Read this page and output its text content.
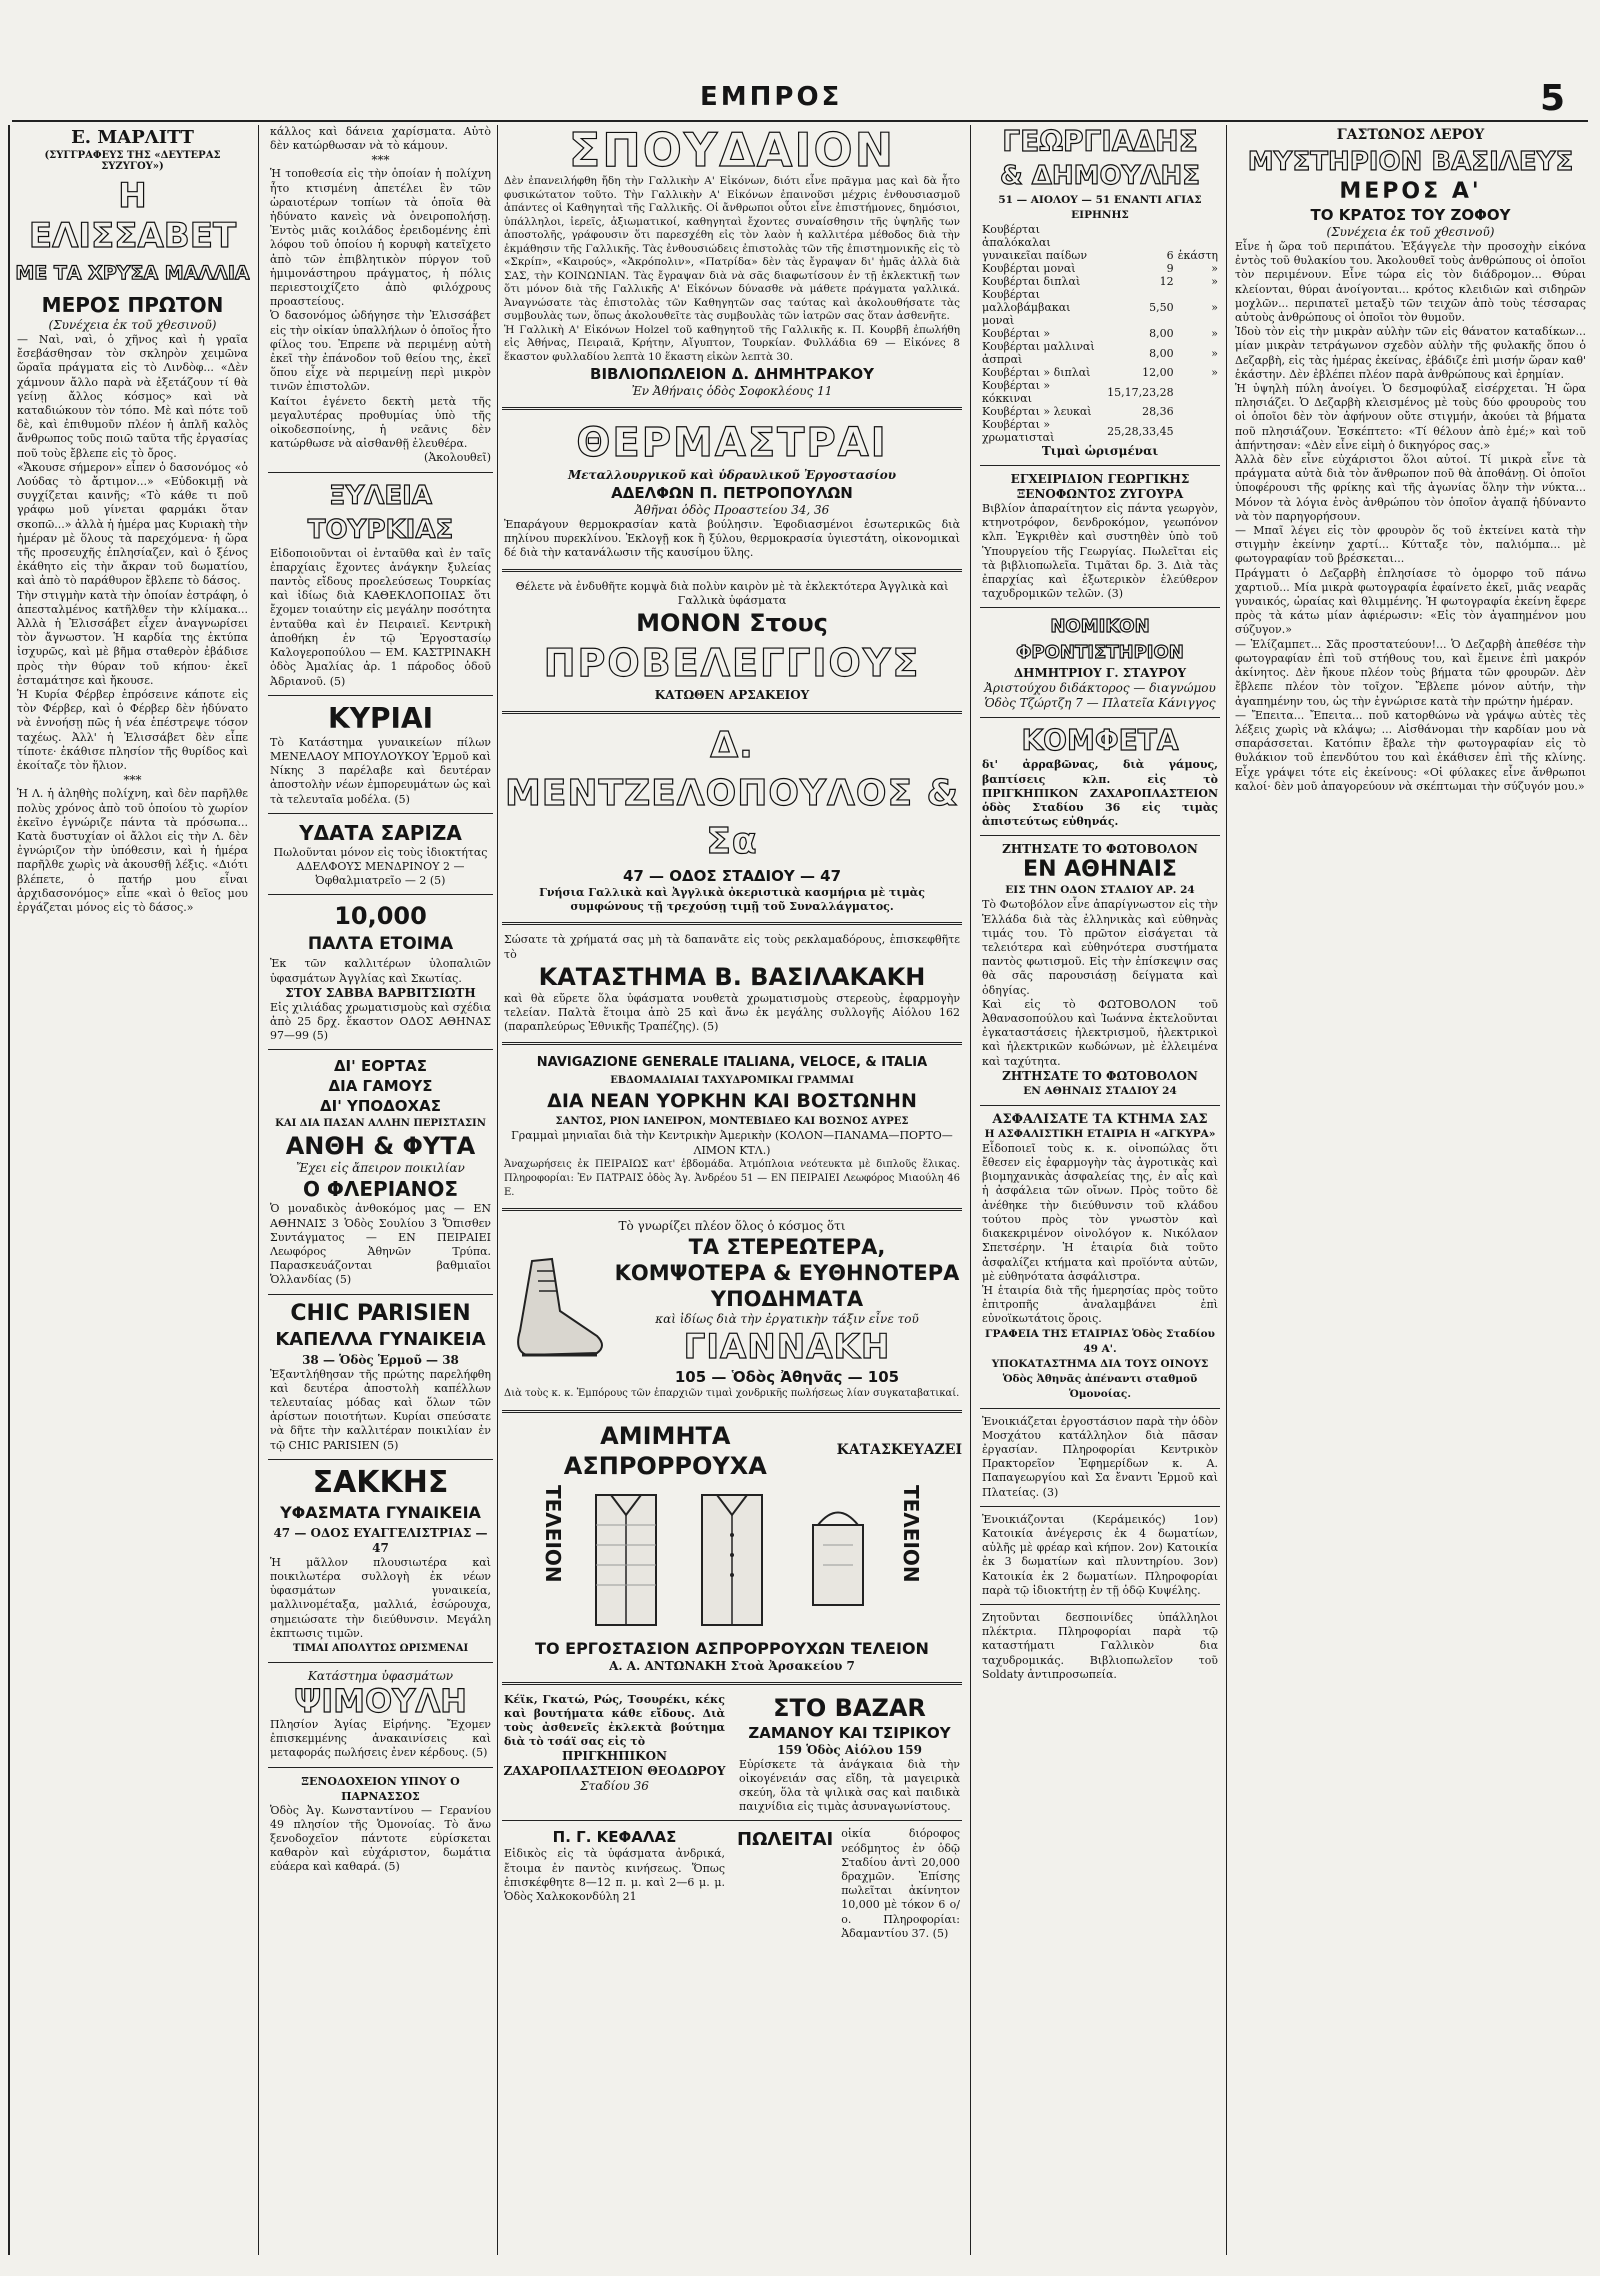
ΕΜΠΡΟΣ	5
Ε. ΜΑΡΛΙΤΤ
(ΣΥΓΓΡΑΦΕΥΣ ΤΗΣ «ΔΕΥΤΕΡΑΣ ΣΥΖΥΓΟΥ»)
Η ΕΛΙΣΣΑΒΕΤ
ΜΕ ΤΑ ΧΡΥΣΑ ΜΑΛΛΙΑ
ΜΕΡΟΣ ΠΡΩΤΟΝ
(Συνέχεια ἐκ τοῦ χθεσινοῦ)
— Ναὶ, ναὶ, ὁ χῆνος καὶ ἡ γραῖα ἔσεβάσθησαν τὸν σκληρὸν χειμῶνα ὥραῖα πράγματα εἰς τὸ Λινδὸφ... «Δὲν χάμνουν ἄλλο παρὰ νὰ ἐξετάζουν τί θὰ γείνῃ ἄλλος κόσμος» καὶ νὰ καταδιώκουν τὸν τόπο. Μὲ καὶ πότε τοῦ δὲ, καὶ ἐπιθυμοῦν πλέον ἡ ἁπλῆ καλὸς ἄνθρωπος τοῦς ποιῶ ταῦτα τῆς ἐργασίας ποῦ τοὺς ἔβλεπε εἰς τὸ ὄρος.
«Ἄκουσε σήμερον» εἶπεν ὁ δασονόμος «ὁ Λούδας τὸ ἄρτιμον...» «Εὐδοκιμῇ νὰ συγχίζεται καινῆς; «Τὸ κάθε τι ποῦ γράφω μοῦ γίνεται φαρμάκι ὅταν σκοπῶ...» ἀλλὰ ἡ ἡμέρα μας Κυριακὴ τὴν ἡμέραν μὲ ὅλους τὰ παρεχόμενα· ἡ ὥρα τῆς προσευχῆς ἐπλησίαζεν, καὶ ὁ ξένος ἐκάθητο εἰς τὴν ἄκραν τοῦ δωματίου, καὶ ἀπὸ τὸ παράθυρον ἔβλεπε τὸ δάσος.
Τὴν στιγμὴν κατὰ τὴν ὁποίαν ἐστράφη, ὁ ἀπεσταλμένος κατῆλθεν τὴν κλίμακα... Ἀλλὰ ἡ Ἐλισσάβετ εἶχεν ἀναγνωρίσει τὸν ἄγνωστον. Ἡ καρδία της ἐκτύπα ἰσχυρῶς, καὶ μὲ βῆμα σταθερὸν ἐβάδισε πρὸς τὴν θύραν τοῦ κήπου· ἐκεῖ ἐσταμάτησε καὶ ἤκουσε.
Ἡ Κυρία Φέρβερ ἐπρόσεινε κάποτε εἰς τὸν Φέρβερ, καὶ ὁ Φέρβερ δὲν ἠδύνατο νὰ ἐννοήσῃ πῶς ἡ νέα ἐπέστρεψε τόσον ταχέως. Ἀλλ' ἡ Ἐλισσάβετ δὲν εἶπε τίποτε· ἐκάθισε πλησίον τῆς θυρίδος καὶ ἐκοίταζε τὸν ἥλιον.
***
Ἡ Λ. ἡ ἀληθὴς πολίχνη, καὶ δὲν παρῆλθε πολὺς χρόνος ἀπὸ τοῦ ὁποίου τὸ χωρίον ἐκεῖνο ἐγνώριζε πάντα τὰ πρόσωπα... Κατὰ δυστυχίαν οἱ ἄλλοι εἰς τὴν Λ. δὲν ἐγνώριζον τὴν ὑπόθεσιν, καὶ ἡ ἡμέρα παρῆλθε χωρὶς νὰ ἀκουσθῇ λέξις. «Διότι βλέπετε, ὁ πατήρ μου εἶναι ἀρχιδασονόμος» εἶπε «καὶ ὁ θεῖος μου ἐργάζεται μόνος εἰς τὸ δάσος.»
κάλλος καὶ δάνεια χαρίσματα. Αὐτὸ δὲν κατώρθωσαν νὰ τὸ κάμουν.
***
Ἡ τοποθεσία εἰς τὴν ὁποίαν ἡ πολίχνη ἦτο κτισμένη ἀπετέλει ἓν τῶν ὡραιοτέρων τοπίων τὰ ὁποῖα θὰ ἠδύνατο κανεὶς νὰ ὀνειροπολήσῃ. Ἐντὸς μιᾶς κοιλάδος ἐρειδομένης ἐπὶ λόφου τοῦ ὁποίου ἡ κορυφὴ κατεῖχετο ἀπὸ τῶν ἐπιβλητικὸν πύργον τοῦ ἡμιμονάστηρου πράγματος, ἡ πόλις περιεστοιχίζετο ἀπὸ φιλόχρους προαστείους.
Ὁ δασονόμος ὡδήγησε τὴν Ἐλισσάβετ εἰς τὴν οἰκίαν ὑπαλλήλων ὁ ὁποῖος ἦτο φίλος του. Ἐπρεπε νὰ περιμένῃ αὐτὴ ἐκεῖ τὴν ἐπάνοδον τοῦ θείου της, ἐκεῖ ὅπου εἶχε νὰ περιμείνῃ περὶ μικρὸν τινῶν ἐπιστολῶν.
Καίτοι ἐγένετο δεκτὴ μετὰ τῆς μεγαλυτέρας προθυμίας ὑπὸ τῆς οἰκοδεσποίνης, ἡ νεᾶνις δὲν κατώρθωσε νὰ αἰσθανθῇ ἐλευθέρα.
(Ἀκολουθεῖ)
ΞΥΛΕΙΑ ΤΟΥΡΚΙΑΣ
Εἰδοποιοῦνται οἱ ἐνταῦθα καὶ ἐν ταῖς ἐπαρχίαις ἔχοντες ἀνάγκην ξυλείας παντὸς εἴδους προελεύσεως Τουρκίας καὶ ἰδίως διὰ ΚΑΘΕΚΛΟΠΟΙΙΑΣ ὅτι ἔχομεν τοιαύτην εἰς μεγάλην ποσότητα ἐνταῦθα καὶ ἐν Πειραιεῖ. Κεντρικὴ ἀποθήκη ἐν τῷ Ἐργοστασίῳ Καλογεροπούλου — ΕΜ. ΚΑΣΤΡΙΝΑΚΗ ὁδὸς Ἀμαλίας ἀρ. 1 πάροδος ὁδοῦ Ἀδριανοῦ. (5)
ΚΥΡΙΑΙ
Τὸ Κατάστημα γυναικείων πίλων ΜΕΝΕΛΑΟΥ ΜΠΟΥΛΟΥΚΟΥ Ἑρμοῦ καὶ Νίκης 3 παρέλαβε καὶ δευτέραν ἀποστολὴν νέων ἐμπορευμάτων ὡς καὶ τὰ τελευταῖα μοδέλα. (5)
ΥΔΑΤΑ ΣΑΡΙΖΑ
Πωλοῦνται μόνον εἰς τοὺς ἰδιοκτήτας ΑΔΕΛΦΟΥΣ ΜΕΝΔΡΙΝΟΥ 2 — Ὀφθαλμιατρεῖο — 2 (5)
10,000
ΠΑΛΤΑ ΕΤΟΙΜΑ
Ἐκ τῶν καλλιτέρων ὑλοπαλιῶν ὑφασμάτων Ἀγγλίας καὶ Σκωτίας.
ΣΤΟΥ ΣΑΒΒΑ ΒΑΡΒΙΤΣΙΩΤΗ
Εἰς χιλιάδας χρωματισμοὺς καὶ σχέδια ἀπὸ 25 δρχ. ἕκαστον ΟΔΟΣ ΑΘΗΝΑΣ 97—99 (5)
ΔΙ' ΕΟΡΤΑΣ
ΔΙΑ ΓΑΜΟΥΣ
ΔΙ' ΥΠΟΔΟΧΑΣ
ΚΑΙ ΔΙΑ ΠΑΣΑΝ ΑΛΛΗΝ ΠΕΡΙΣΤΑΣΙΝ
ΑΝΘΗ & ΦΥΤΑ
Ἔχει εἰς ἄπειρον ποικιλίαν
Ο ΦΛΕΡΙΑΝΟΣ
Ὁ μοναδικὸς ἀνθοκόμος μας — ΕΝ ΑΘΗΝΑΙΣ 3 Ὁδὸς Σουλίου 3 Ὄπισθεν Συντάγματος — ΕΝ ΠΕΙΡΑΙΕΙ Λεωφόρος Ἀθηνῶν Τρύπα. Παρασκευάζονται βαθμιαῖοι Ὁλλανδίας (5)
CHIC PARISIEN
ΚΑΠΕΛΛΑ ΓΥΝΑΙΚΕΙΑ
38 — Ὁδὸς Ἑρμοῦ — 38
Ἐξαντλήθησαν τῆς πρώτης παρελήφθη καὶ δευτέρα ἀποστολὴ καπέλλων τελευταίας μόδας καὶ ὅλων τῶν ἀρίστων ποιοτήτων. Κυρίαι σπεύσατε νὰ δῆτε τὴν καλλιτέραν ποικιλίαν ἐν τῷ CHIC PARISIEN (5)
ΣΑΚΚΗΣ
ΥΦΑΣΜΑΤΑ ΓΥΝΑΙΚΕΙΑ
47 — ΟΔΟΣ ΕΥΑΓΓΕΛΙΣΤΡΙΑΣ — 47
Ἡ μᾶλλον πλουσιωτέρα καὶ ποικιλωτέρα συλλογὴ ἐκ νέων ὑφασμάτων γυναικεία, μαλλινομέταξα, μαλλιά, ἐσώρουχα, σημειώσατε τὴν διεύθυνσιν. Μεγάλη ἐκπτωσις τιμῶν.
ΤΙΜΑΙ ΑΠΟΛΥΤΩΣ ΩΡΙΣΜΕΝΑΙ
Κατάστημα ὑφασμάτων
ΨΙΜΟΥΛΗ
Πλησίον Ἁγίας Εἰρήνης. Ἔχομεν ἐπισκεμμένης ἀνακαινίσεις καὶ μεταφοράς πωλήσεις ἐνεν κέρδους. (5)
ΞΕΝΟΔΟΧΕΙΟΝ ΥΠΝΟΥ Ο ΠΑΡΝΑΣΣΟΣ
Ὁδὸς Ἀγ. Κωνσταντίνου — Γερανίου 49 πλησίον τῆς Ὁμονοίας. Τὸ ἄνω ξενοδοχεῖον πάντοτε εὑρίσκεται καθαρὸν καὶ εὐχάριστον, δωμάτια εὐάερα καὶ καθαρά. (5)
ΣΠΟΥΔΑΙΟΝ
Δὲν ἐπανειλήφθη ἤδη τὴν Γαλλικὴν Α' Εἰκόνων, διότι εἶνε πρᾶγμα μας καὶ δὰ ἦτο φυσικώτατον τοῦτο. Τὴν Γαλλικὴν Α' Εἰκόνων ἐπαινοῦσι μέχρις ἐνθουσιασμοῦ ἁπάντες οἱ Καθηγηταὶ τῆς Γαλλικῆς. Οἱ ἄνθρωποι οὗτοι εἶνε ἐπιστήμονες, δημόσιοι, ὑπάλληλοι, ἰερεῖς, ἀξιωματικοί, καθηγηταὶ ἔχοντες συναίσθησιν τῆς ὑψηλῆς των ἀποστολῆς, γράφουσιν ὅτι παρεσχέθη εἰς τὸν λαὸν ἡ καλλιτέρα μέθοδος διὰ τὴν ἐκμάθησιν τῆς Γαλλικῆς. Τὰς ἐνθουσιώδεις ἐπιστολὰς τῶν τῆς ἐπιστημονικῆς εἰς τὸ «Σκρίπ», «Καιρούς», «Ἀκρόπολιν», «Πατρίδα» δὲν τὰς ἔγραψαν δι' ἡμᾶς ἀλλὰ διὰ ΣΑΣ, τὴν ΚΟΙΝΩΝΙΑΝ. Τὰς ἔγραψαν διὰ νὰ σᾶς διαφωτίσουν ἐν τῇ ἐκλεκτικῇ των ὅτι μόνον διὰ τῆς Γαλλικῆς Α' Εἰκόνων δύνασθε νὰ μάθετε πράγματα γαλλικά. Ἀναγνώσατε τὰς ἐπιστολὰς τῶν Καθηγητῶν σας ταύτας καὶ ἀκολουθήσατε τὰς συμβουλὰς των, ὅπως ἀκολουθεῖτε τὰς συμβουλὰς τῶν ἰατρῶν σας ὅταν ἀσθενῆτε.
Ἡ Γαλλικὴ Α' Εἰκόνων Holzel τοῦ καθηγητοῦ τῆς Γαλλικῆς κ. Π. Κουρβῆ ἐπωλήθη εἰς Ἀθήνας, Πειραιᾶ, Κρήτην, Αἴγυπτον, Τουρκίαν. Φυλλάδια 69 — Εἰκόνες 8 ἕκαστον φυλλαδίου λεπτὰ 10 ἕκαστη εἰκὼν λεπτὰ 30.
ΒΙΒΛΙΟΠΩΛΕΙΟΝ Δ. ΔΗΜΗΤΡΑΚΟΥ
Ἐν Ἀθήναις ὁδὸς Σοφοκλέους 11
ΘΕΡΜΑΣΤΡΑΙ
Μεταλλουργικοῦ καὶ ὑδραυλικοῦ Ἐργοστασίου
ΑΔΕΛΦΩΝ Π. ΠΕΤΡΟΠΟΥΛΩΝ
Ἀθῆναι ὁδὸς Προαστείου 34, 36
Ἐπαράγουν θερμοκρασίαν κατὰ βούλησιν. Ἐφοδιασμένοι ἐσωτερικῶς διὰ πηλίνου πυρεκλίνου. Ἐκλογῇ κοκ ἢ ξύλου, θερμοκρασία ὑγιεστάτη, οἰκονομικαὶ δέ διὰ τὴν κατανάλωσιν τῆς καυσίμου ὕλης.
Θέλετε νὰ ἐνδυθῆτε κομψὰ διὰ πολὺν καιρὸν μὲ τὰ ἐκλεκτότερα Ἀγγλικὰ καὶ Γαλλικὰ ὑφάσματα
ΜΟΝΟΝ Στους
ΠΡΟΒΕΛΕΓΓΙΟΥΣ
ΚΑΤΩΘΕΝ ΑΡΣΑΚΕΙΟΥ
Δ. ΜΕΝΤΖΕΛΟΠΟΥΛΟΣ & Σα
47 — ΟΔΟΣ ΣΤΑΔΙΟΥ — 47
Γνήσια Γαλλικὰ καὶ Ἀγγλικὰ ὀκεριστικὰ κασμήρια μὲ τιμὰς συμφώνους τῇ τρεχούσῃ τιμῇ τοῦ Συναλλάγματος.
Σώσατε τὰ χρήματά σας μὴ τὰ δαπανᾶτε εἰς τοὺς ρεκλαμαδόρους, ἐπισκεφθῆτε τὸ
ΚΑΤΑΣΤΗΜΑ Β. ΒΑΣΙΛΑΚΑΚΗ
καὶ θὰ εὕρετε ὅλα ὑφάσματα νουθετὰ χρωματισμοὺς στερεοὺς, ἐφαρμογὴν τελείαν. Παλτὰ ἕτοιμα ἀπὸ 25 καὶ ἄνω ἐκ μεγάλης συλλογῆς Αἰόλου 162 (παραπλεύρως Ἐθνικῆς Τραπέζης). (5)
NAVIGAZIONE GENERALE ITALIANA, VELOCE, & ITALIA
ΕΒΔΟΜΑΔΙΑΙΑΙ ΤΑΧΥΔΡΟΜΙΚΑΙ ΓΡΑΜΜΑΙ
ΔΙΑ ΝΕΑΝ ΥΟΡΚΗΝ ΚΑΙ ΒΟΣΤΩΝΗΝ
ΣΑΝΤΟΣ, ΡΙΟΝ ΙΑΝΕΙΡΟΝ, ΜΟΝΤΕΒΙΔΕΟ ΚΑΙ ΒΟΣΝΟΣ ΑΥΡΕΣ
Γραμμαὶ μηνιαῖαι διὰ τὴν Κεντρικὴν Ἀμερικὴν (ΚΟΛΟΝ—ΠΑΝΑΜΑ—ΠΟΡΤΟ—ΛΙΜΟΝ ΚΤΛ.)
Ἀναχωρήσεις ἐκ ΠΕΙΡΑΙΩΣ κατ' ἑβδομάδα. Ἀτμόπλοια νεότευκτα μὲ διπλοῦς ἕλικας. Πληροφορίαι: Ἐν ΠΑΤΡΑΙΣ ὁδὸς Ἁγ. Ἀνδρέου 51 — ΕΝ ΠΕΙΡΑΙΕΙ Λεωφόρος Μιαούλη 46 Ε.
Τὸ γνωρίζει πλέον ὅλος ὁ κόσμος ὅτι
ΤΑ ΣΤΕΡΕΩΤΕΡΑ, ΚΟΜΨΟΤΕΡΑ & ΕΥΘΗΝΟΤΕΡΑ ΥΠΟΔΗΜΑΤΑ
καὶ ἰδίως διὰ τὴν ἐργατικὴν τάξιν εἶνε τοῦ
ΓΙΑΝΝΑΚΗ
105 — Ὁδὸς Ἀθηνᾶς — 105
Διὰ τοὺς κ. κ. Ἐμπόρους τῶν ἐπαρχιῶν τιμαὶ χονδρικῆς πωλήσεως λίαν συγκαταβατικαί.
ΑΜΙΜΗΤΑ ΑΣΠΡΟΡΡΟΥΧΑ
ΚΑΤΑΣΚΕΥΑΖΕΙ
ΤΕΛΕΙΟΝ	ΤΕΛΕΙΟΝ
ΤΟ ΕΡΓΟΣΤΑΣΙΟΝ ΑΣΠΡΟΡΡΟΥΧΩΝ ΤΕΛΕΙΟΝ
Α. Α. ΑΝΤΩΝΑΚΗ Στοὰ Ἀρσακείου 7
Κέϊκ, Γκατώ, Ρώς, Τσουρέκι, κέκς καὶ βουτήματα κάθε εἴδους. Διὰ τοὺς ἀσθενεῖς ἐκλεκτὰ βούτημα διὰ τὸ τσάϊ σας εἰς τὸ
ΠΡΙΓΚΗΠΙΚΟΝ ΖΑΧΑΡΟΠΛΑΣΤΕΙΟΝ ΘΕΟΔΩΡΟΥ
Σταδίου 36
ΣΤΟ BAZAR
ΖΑΜΑΝΟΥ ΚΑΙ ΤΣΙΡΙΚΟΥ
159 Ὁδὸς Αἰόλου 159
Εὑρίσκετε τὰ ἀνάγκαια διὰ τὴν οἰκογένειάν σας εἴδη, τὰ μαγειρικὰ σκεύη, ὅλα τὰ ψιλικὰ σας καὶ παιδικὰ παιχνίδια εἰς τιμὰς ἀσυναγωνίστους.
Π. Γ. ΚΕΦΑΛΑΣ
Εἰδικὸς εἰς τὰ ὑφάσματα ἀνδρικά, ἔτοιμα ἐν παντὸς κινήσεως. Ὅπως ἐπισκέφθητε 8—12 π. μ. καὶ 2—6 μ. μ. Ὁδὸς Χαλκοκονδύλη 21
ΠΩΛΕΙΤΑΙ οἰκία διόροφος νεόδμητος ἐν ὁδῷ Σταδίου ἀντὶ 20,000 δραχμῶν. Ἐπίσης πωλεῖται ἀκίνητον 10,000 μὲ τόκον 6 ο/ο. Πληροφορίαι: Ἀδαμαντίου 37. (5)
ΓΕΩΡΓΙΑΔΗΣ
& ΔΗΜΟΥΛΗΣ
51 — ΑΙΟΛΟΥ — 51 ΕΝΑΝΤΙ ΑΓΙΑΣ ΕΙΡΗΝΗΣ
Κουβέρται ἁπαλόκαλαι		
γυναικεῖαι παίδων	6	ἑκάστη
Κουβέρται μοναὶ	9	»
Κουβέρται διπλαὶ	12	»
Κουβέρται μαλλοβάμβακαι μοναὶ	5,50	»
Κουβέρται »	8,00	»
Κουβέρται μαλλιναὶ ἀσπραὶ	8,00	»
Κουβέρται » διπλαὶ	12,00	»
Κουβέρται » κόκκιναι	15,17,23,28	
Κουβέρται » λευκαὶ	28,36	
Κουβέρται » χρωματισταὶ	25,28,33,45	
Τιμαὶ ὡρισμέναι
ΕΓΧΕΙΡΙΔΙΟΝ ΓΕΩΡΓΙΚΗΣ
ΞΕΝΟΦΩΝΤΟΣ ΖΥΓΟΥΡΑ
Βιβλίον ἀπαραίτητον εἰς πάντα γεωργὸν, κτηνοτρόφον, δενδροκόμον, γεωπόνον κλπ. Ἐγκριθὲν καὶ συστηθὲν ὑπὸ τοῦ Ὑπουργείου τῆς Γεωργίας. Πωλεῖται εἰς τὰ βιβλιοπωλεῖα. Τιμᾶται δρ. 3. Διὰ τὰς ἐπαρχίας καὶ ἐξωτερικὸν ἐλεύθερον ταχυδρομικῶν τελῶν. (3)
ΝΟΜΙΚΟΝ ΦΡΟΝΤΙΣΤΗΡΙΟΝ
ΔΗΜΗΤΡΙΟΥ Γ. ΣΤΑΥΡΟΥ
Ἀριστούχου διδάκτορος — διαγνώμου
Ὁδὸς Τζώρτζη 7 — Πλατεῖα Κάνιγγος
ΚΟΜΦΕΤΑ
δι' ἀρραβῶνας, διὰ γάμους, βαπτίσεις κλπ. εἰς τὸ ΠΡΙΓΚΗΠΙΚΟΝ ΖΑΧΑΡΟΠΛΑΣΤΕΙΟΝ ὁδὸς Σταδίου 36 εἰς τιμὰς ἀπιστεύτως εὐθηνάς.
ΖΗΤΗΣΑΤΕ ΤΟ ΦΩΤΟΒΟΛΟΝ
ΕΝ ΑΘΗΝΑΙΣ
ΕΙΣ ΤΗΝ ΟΔΟΝ ΣΤΑΔΙΟΥ ΑΡ. 24
Τὸ Φωτοβόλον εἶνε ἀπαρίγνωστον εἰς τὴν Ἑλλάδα διὰ τὰς ἐλληνικὰς καὶ εὐθηνὰς τιμάς του. Τὸ πρῶτον εἰσάγεται τὰ τελειότερα καὶ εὐθηνότερα συστήματα παντὸς φωτισμοῦ. Εἰς τὴν ἐπίσκεψιν σας θὰ σᾶς παρουσιάσῃ δείγματα καὶ ὁδηγίας.
Καὶ εἰς τὸ ΦΩΤΟΒΟΛΟΝ τοῦ Ἀθανασοπούλου καὶ Ἰωάννα ἐκτελοῦνται ἐγκαταστάσεις ἠλεκτρισμοῦ, ἡλεκτρικοὶ καὶ ἠλεκτρικῶν κωδώνων, μὲ ἐλλειμένα καὶ ταχύτητα.
ΖΗΤΗΣΑΤΕ ΤΟ ΦΩΤΟΒΟΛΟΝ
ΕΝ ΑΘΗΝΑΙΣ ΣΤΑΔΙΟΥ 24
ΑΣΦΑΛΙΣΑΤΕ ΤΑ ΚΤΗΜΑ ΣΑΣ
Η ΑΣΦΑΛΙΣΤΙΚΗ ΕΤΑΙΡΙΑ Η «ΑΓΚΥΡΑ»
Εἶδοποιεῖ τοὺς κ. κ. οἰνοπώλας ὅτι ἔθεσεν εἰς ἐφαρμογὴν τὰς ἀγροτικὰς καὶ βιομηχανικὰς ἀσφαλείας της, ἐν αἷς καὶ ἡ ἀσφάλεια τῶν οἴνων. Πρὸς τοῦτο δὲ ἀνέθηκε τὴν διεύθυνσιν τοῦ κλάδου τούτου πρὸς τὸν γνωστὸν καὶ διακεκριμένον οἰνολόγον κ. Νικόλαον Σπετσέρην. Ἡ ἑταιρία διὰ τοῦτο ἀσφαλίζει κτήματα καὶ προϊόντα αὐτῶν, μὲ εὐθηνότατα ἀσφάλιστρα.
Ἡ ἑταιρία διὰ τῆς ἡμερησίας πρὸς τοῦτο ἐπιτροπῆς ἀναλαμβάνει ἐπὶ εὐνοϊκωτάτοις ὅροις.
ΓΡΑΦΕΙΑ ΤΗΣ ΕΤΑΙΡΙΑΣ Ὁδὸς Σταδίου 49 Α'.
ΥΠΟΚΑΤΑΣΤΗΜΑ ΔΙΑ ΤΟΥΣ ΟΙΝΟΥΣ Ὁδὸς Ἀθηνᾶς ἀπέναντι σταθμοῦ Ὁμονοίας.
Ἐνοικιάζεται ἐργοστάσιον παρὰ τὴν ὁδὸν Μοσχάτου κατάλληλον διὰ πᾶσαν ἐργασίαν. Πληροφορίαι Κεντρικὸν Πρακτορεῖον Ἐφημερίδων κ. Α. Παπαγεωργίου καὶ Σα ἔναντι Ἑρμοῦ καὶ Πλατείας. (3)
Ἐνοικιάζονται (Κεράμεικός) 1ον) Κατοικία ἀνέγερσις ἐκ 4 δωματίων, αὐλῆς μὲ φρέαρ καὶ κήπον. 2ον) Κατοικία ἐκ 3 δωματίων καὶ πλυντηρίου. 3ον) Κατοικία ἐκ 2 δωματίων. Πληροφορίαι παρὰ τῷ ἰδιοκτήτῃ ἐν τῇ ὁδῷ Κυψέλης.
Ζητοῦνται δεσποινίδες ὑπάλληλοι πλέκτρια. Πληροφορίαι παρὰ τῷ καταστήματι Γαλλικὸν δια ταχυδρομικάς. Βιβλιοπωλεῖον τοῦ Soldaty ἀντιπροσωπεία.
ΓΑΣΤΩΝΟΣ ΛΕΡΟΥ
ΜΥΣΤΗΡΙΟΝ ΒΑΣΙΛΕΥΣ
ΜΕΡΟΣ Α'
ΤΟ ΚΡΑΤΟΣ ΤΟΥ ΖΟΦΟΥ
(Συνέχεια ἐκ τοῦ χθεσινοῦ)
Εἶνε ἡ ὥρα τοῦ περιπάτου. Ἐξάγγελε τὴν προσοχὴν εἰκόνα ἐντὸς τοῦ θυλακίου του. Ἀκολουθεῖ τοὺς ἀνθρώπους οἱ ὁποῖοι τὸν περιμένουν. Εἶνε τώρα εἰς τὸν διάδρομον... Θύραι κλείονται, θύραι ἀνοίγονται... κρότος κλειδιῶν καὶ σιδηρῶν μοχλῶν... περιπατεῖ μεταξὺ τῶν τειχῶν ἀπὸ τοὺς τέσσαρας αὐτοὺς ἀνθρώπους οἱ ὁποῖοι τὸν θυμοῦν.
Ἰδοὺ τὸν εἰς τὴν μικρὰν αὐλὴν τῶν εἰς θάνατον καταδίκων... μίαν μικρὰν τετράγωνον σχεδὸν αὐλὴν τῆς φυλακῆς ὅπου ὁ Δεζαρβὴ, εἰς τὰς ἡμέρας ἐκείνας, ἐβάδιζε ἐπὶ μισήν ὥραν καθ' ἑκάστην. Δὲν ἐβλέπει πλέον παρὰ ἀνθρώπους καὶ ἐρημίαν.
Ἡ ὑψηλὴ πύλη ἀνοίγει. Ὁ δεσμοφύλαξ εἰσέρχεται. Ἡ ὥρα πλησιάζει. Ὁ Δεζαρβὴ κλεισμένος μὲ τοὺς δύο φρουροὺς του οἱ ὁποῖοι δὲν τὸν ἀφήνουν οὔτε στιγμήν, ἀκούει τὰ βήματα ποῦ πλησιάζουν. Ἐσκέπτετο: «Τί θέλουν ἀπὸ ἐμέ;» καὶ τοῦ ἀπήντησαν: «Δὲν εἶνε εἰμὴ ὁ δικηγόρος σας.»
Ἀλλὰ δὲν εἶνε εὐχάριστοι ὅλοι αὐτοί. Τί μικρὰ εἶνε τὰ πράγματα αὐτὰ διὰ τὸν ἄνθρωπον ποῦ θὰ ἀποθάνῃ. Οἱ ὁποῖοι ὑποφέρουσι τῆς φρίκης καὶ τῆς ἀγωνίας ὅλην τὴν νύκτα... Μόνον τὰ λόγια ἐνὸς ἀνθρώπου τὸν ὁποῖον ἀγαπᾷ ἠδύναντο νὰ τὸν παρηγορήσουν.
— Μπαῖ λέγει εἰς τὸν φρουρὸν ὅς τοῦ ἐκτείνει κατὰ τὴν στιγμὴν ἐκείνην χαρτί... Κύτταξε τὸν, παλιόμπα... μὲ φωτογραφίαν τοῦ βρέσκεται...
Πράγματι ὁ Δεζαρβὴ ἐπλησίασε τὸ ὁμορφο τοῦ πάνω χαρτιοῦ... Μία μικρὰ φωτογραφία ἐφαίνετο ἐκεῖ, μιᾶς νεαρᾶς γυναικός, ὡραίας καὶ θλιμμένης. Ἡ φωτογραφία ἐκείνη ἔφερε πρὸς τὰ κάτω μίαν ἀφιέρωσιν: «Εἰς τὸν ἀγαπημένον μου σύζυγον.»
— Ἐλίζαμπετ... Σᾶς προστατεύουν!... Ὁ Δεζαρβὴ ἀπεθέσε τὴν φωτογραφίαν ἐπὶ τοῦ στήθους του, καὶ ἔμεινε ἐπὶ μακρόν ἀκίνητος. Δὲν ἤκουε πλέον τοὺς βήματα τῶν φρουρῶν. Δὲν ἔβλεπε πλέον τὸν τοῖχον. Ἔβλεπε μόνον αὐτήν, τὴν ἀγαπημένην του, ὡς τὴν ἐγνώρισε κατὰ τὴν πρώτην ἡμέραν.
— Ἔπειτα... Ἔπειτα... ποῦ κατορθώνω νὰ γράψω αὐτὲς τὲς λέξεις χωρὶς νὰ κλάψω; ... Αἰσθάνομαι τὴν καρδίαν μου νὰ σπαράσσεται. Κατόπιν ἔβαλε τὴν φωτογραφίαν εἰς τὸ θυλάκιον τοῦ ἐπενδύτου του καὶ ἐκάθισεν ἐπὶ τῆς κλίνης. Εἶχε γράψει τότε εἰς ἐκείνους: «Οἱ φύλακες εἶνε ἄνθρωποι καλοί· δὲν μοῦ ἀπαγορεύουν νὰ σκέπτωμαι τὴν σύζυγόν μου.»
